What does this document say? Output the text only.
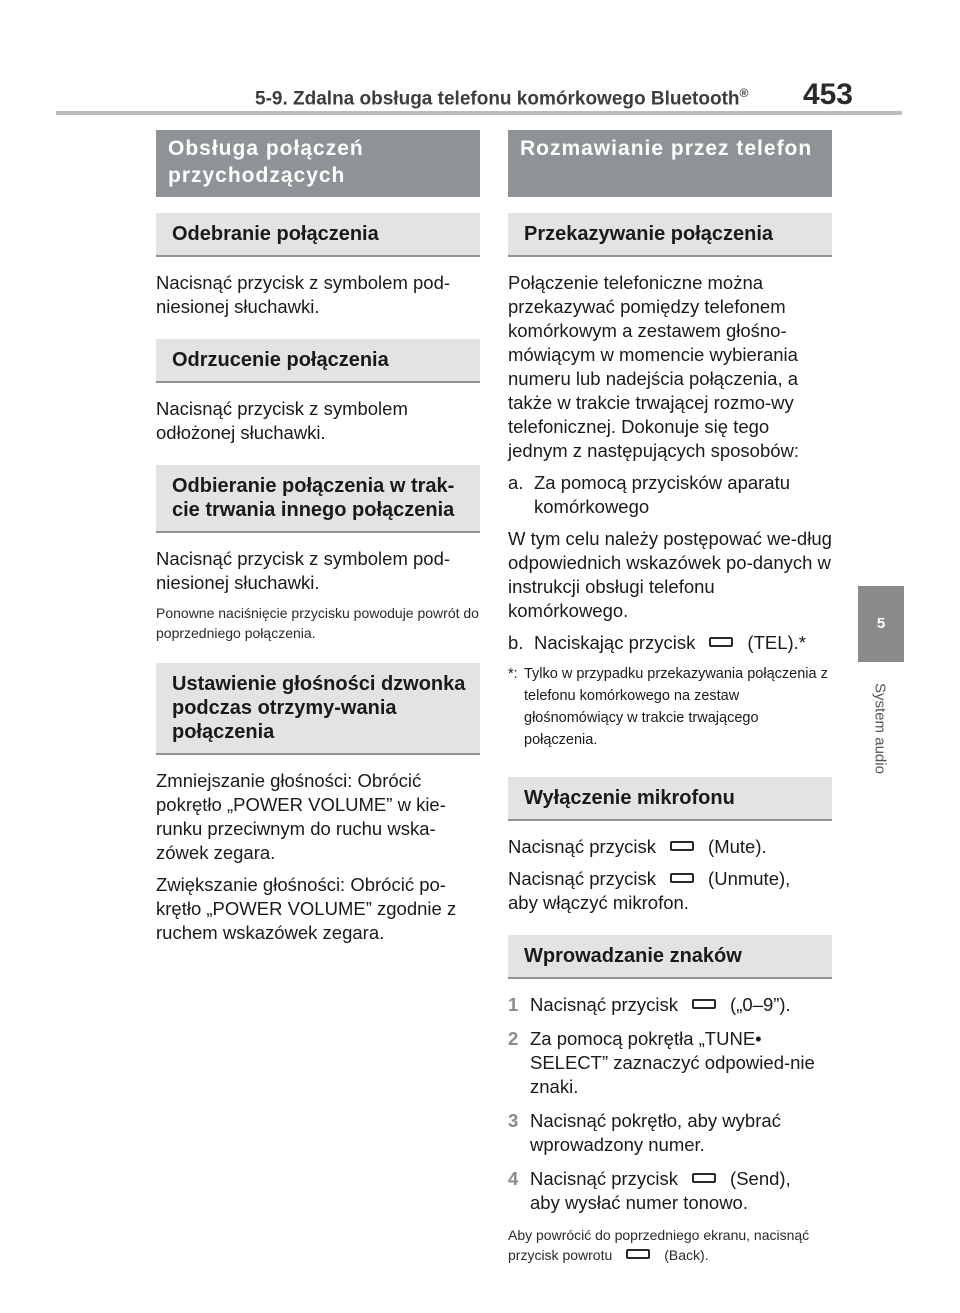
5-9. Zdalna obsługa telefonu komórkowego Bluetooth®	453
5
System audio
Obsługa połączeń przychodzących
Odebranie połączenia

Nacisnąć przycisk z symbolem pod-niesionej słuchawki.

Odrzucenie połączenia

Nacisnąć przycisk z symbolem odłożonej słuchawki.

Odbieranie połączenia w trak-cie trwania innego połączenia

Nacisnąć przycisk z symbolem pod-niesionej słuchawki.

Ponowne naciśnięcie przycisku powoduje powrót do poprzedniego połączenia.

Ustawienie głośności dzwonka podczas otrzymy-wania połączenia

Zmniejszanie głośności: Obrócić pokrętło „POWER VOLUME” w kie-runku przeciwnym do ruchu wska-zówek zegara.

Zwiększanie głośności: Obrócić po-krętło „POWER VOLUME” zgodnie z ruchem wskazówek zegara.

Rozmawianie przez telefon
Przekazywanie połączenia

Połączenie telefoniczne można przekazywać pomiędzy telefonem komórkowym a zestawem głośno-mówiącym w momencie wybierania numeru lub nadejścia połączenia, a także w trakcie trwającej rozmo-wy telefonicznej. Dokonuje się tego jednym z następujących sposobów:

a. Za pomocą przycisków aparatu komórkowego

W tym celu należy postępować we-dług odpowiednich wskazówek po-danych w instrukcji obsługi telefonu komórkowego.

b. Naciskając przycisk	(TEL).*
*: Tylko w przypadku przekazywania połączenia z telefonu komórkowego na zestaw głośnomówiący w trakcie trwającego połączenia.
Wyłączenie mikrofonu

Nacisnąć przycisk	(Mute).

Nacisnąć przycisk	(Unmute),
aby włączyć mikrofon.

Wprowadzanie znaków
1 Nacisnąć przycisk	(„0–9”).
2 Za pomocą pokrętła „TUNE• SELECT” zaznaczyć odpowied-nie znaki.
3 Nacisnąć pokrętło, aby wybrać wprowadzony numer.
4 Nacisnąć przycisk	(Send),
aby wysłać numer tonowo.

Aby powrócić do poprzedniego ekranu, nacisnąć przycisk powrotu	(Back).
